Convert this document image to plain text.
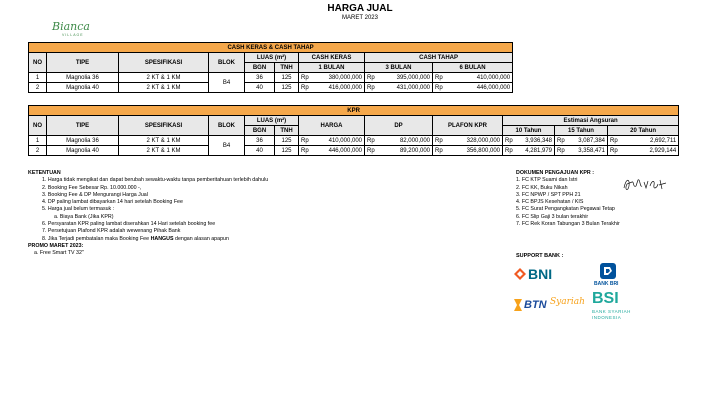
HARGA JUAL
MARET 2023
Bianca
VILLAGE
CASH KERAS & CASH TAHAP											
NO	TIPE	SPESIFIKASI	BLOK	LUAS (m²)		CASH KERAS		CASH TAHAP			
				BGN	TNH	1 BULAN		3 BULAN		6 BULAN	
1	Magnolia 36	2 KT & 1 KM	B4	36	125	Rp	380,000,000	Rp	395,000,000	Rp	410,000,000
2	Magnolia 40	2 KT & 1 KM		40	125	Rp	416,000,000	Rp	431,000,000	Rp	446,000,000
KPR																	
NO	TIPE	SPESIFIKASI	BLOK	LUAS (m²)		HARGA		DP		PLAFON KPR		Estimasi Angsuran					
				BGN	TNH							10 Tahun		15 Tahun		20 Tahun	
1	Magnolia 36	2 KT & 1 KM	B4	36	125	Rp	410,000,000	Rp	82,000,000	Rp	328,000,000	Rp	3,936,348	Rp	3,087,384	Rp	2,692,711
2	Magnolia 40	2 KT & 1 KM		40	125	Rp	446,000,000	Rp	89,200,000	Rp	356,800,000	Rp	4,281,979	Rp	3,358,471	Rp	2,929,144
KETENTUAN
1. Harga tidak mengikat dan dapat berubah sewaktu-waktu tanpa pemberitahuan terlebih dahulu
2. Booking Fee Sebesar Rp. 10.000.000 -,
3. Booking Fee & DP Mengurangi Harga Jual
4. DP paling lambat dibayarkan 14 hari setelah Booking Fee
5. Harga jual belum termasuk :
a. Biaya Bank (Jika KPR)
6. Persyaratan KPR paling lambat diserahkan 14 Hari setelah booking fee
7. Persetujuan Plafond KPR adalah wewenang Pihak Bank
8. Jika Terjadi pembatalan maka Booking Fee HANGUS dengan alasan apapun
PROMO MARET 2023:
a. Free Smart TV 32"
DOKUMEN PENGAJUAN KPR :
1. FC KTP Suami dan Istri
2. FC KK, Buku Nikah
3. FC NPWP / SPT PPH 21
4. FC BPJS Kesehatan / KIS
5. FC Surat Pengangkatan Pegawai Tetap
6. FC Slip Gaji 3 bulan terakhir
7. FC Rek Koran Tabungan 3 Bulan Terakhir
SUPPORT BANK :
BNI
BANK BRI
BTN Syariah BSI
BANK SYARIAH
INDONESIA
